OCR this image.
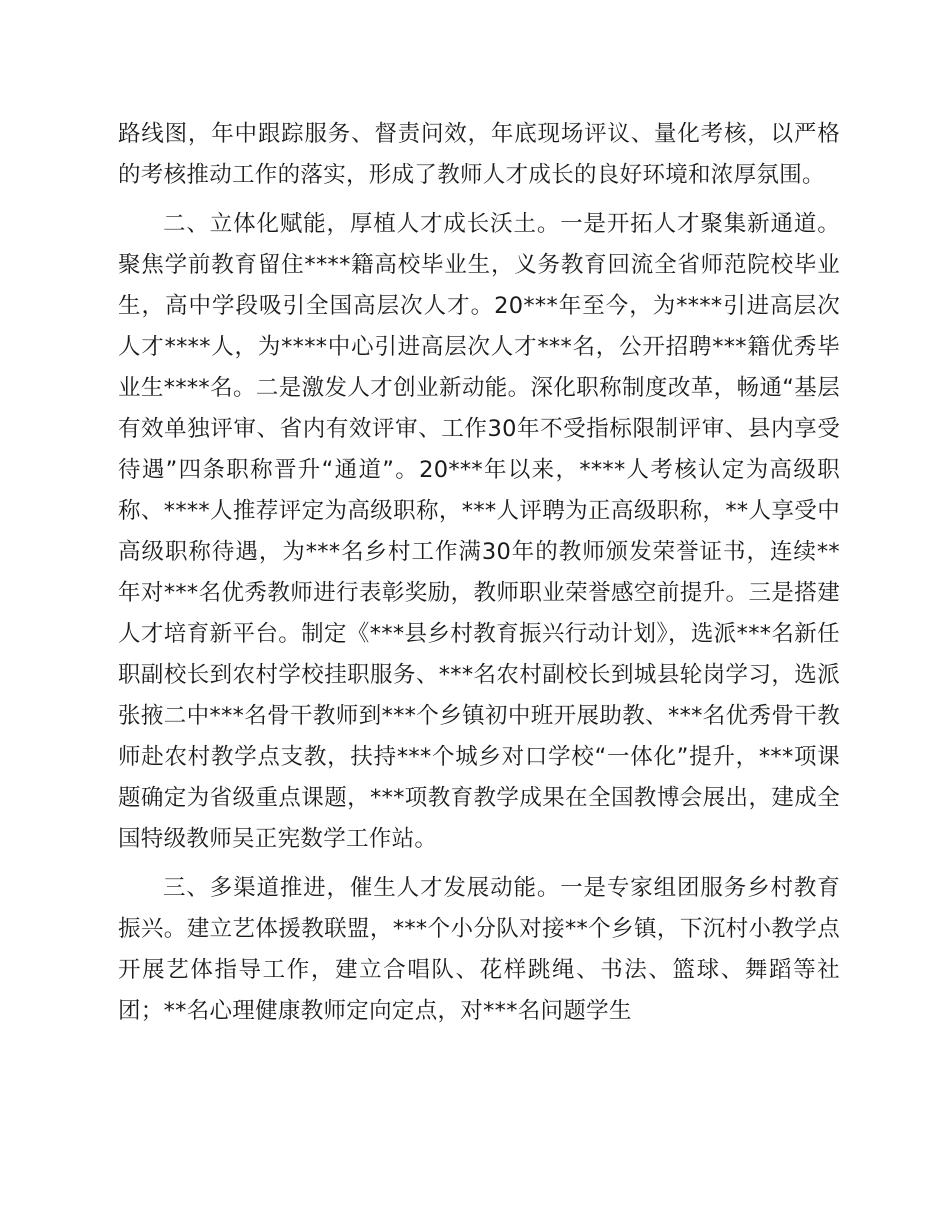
路线图，年中跟踪服务、督责问效，年底现场评议、量化考核，以严格的考核推动工作的落实，形成了教师人才成长的良好环境和浓厚氛围。

二、立体化赋能，厚植人才成长沃土。一是开拓人才聚集新通道。聚焦学前教育留住****籍高校毕业生，义务教育回流全省师范院校毕业生，高中学段吸引全国高层次人才。20***年至今，为****引进高层次人才****人，为****中心引进高层次人才***名，公开招聘***籍优秀毕业生****名。二是激发人才创业新动能。深化职称制度改革，畅通“基层有效单独评审、省内有效评审、工作30年不受指标限制评审、县内享受待遇”四条职称晋升“通道”。20***年以来，****人考核认定为高级职称、****人推荐评定为高级职称，***人评聘为正高级职称，**人享受中高级职称待遇，为***名乡村工作满30年的教师颁发荣誉证书，连续**年对***名优秀教师进行表彰奖励，教师职业荣誉感空前提升。三是搭建人才培育新平台。制定《***县乡村教育振兴行动计划》，选派***名新任职副校长到农村学校挂职服务、***名农村副校长到城县轮岗学习，选派张掖二中***名骨干教师到***个乡镇初中班开展助教、***名优秀骨干教师赴农村教学点支教，扶持***个城乡对口学校“一体化”提升，***项课题确定为省级重点课题，***项教育教学成果在全国教博会展出，建成全国特级教师吴正宪数学工作站。

三、多渠道推进，催生人才发展动能。一是专家组团服务乡村教育振兴。建立艺体援教联盟，***个小分队对接**个乡镇，下沉村小教学点开展艺体指导工作，建立合唱队、花样跳绳、书法、篮球、舞蹈等社团；**名心理健康教师定向定点，对***名问题学生
